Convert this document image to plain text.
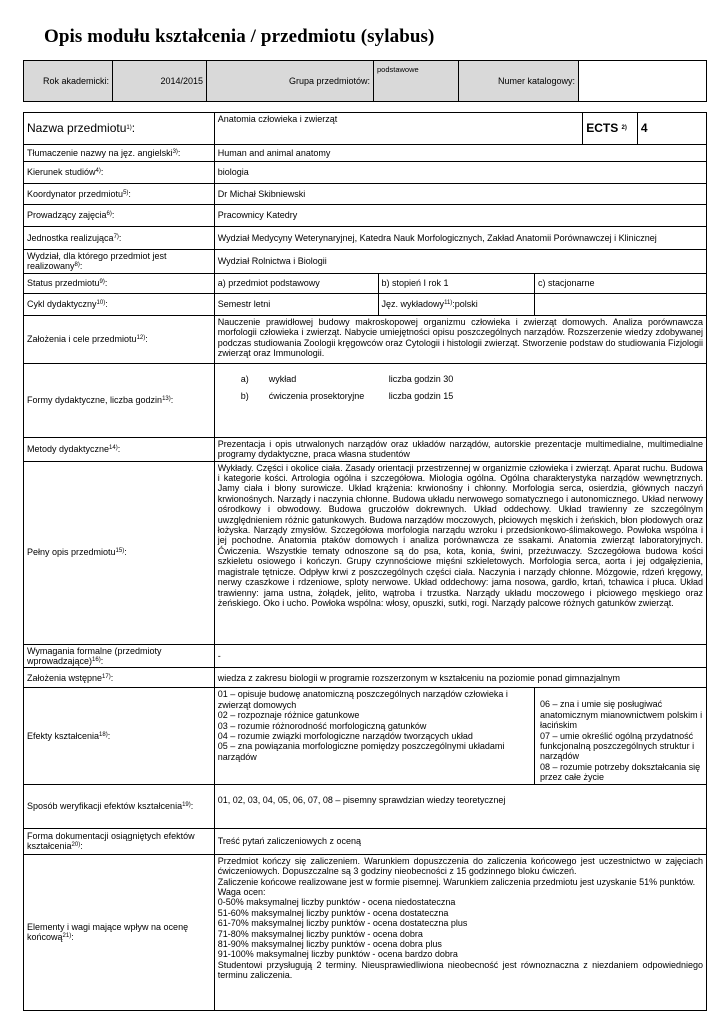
Opis modułu kształcenia / przedmiotu (sylabus)
Rok akademicki:	2014/2015	Grupa przedmiotów:	podstawowe	Numer katalogowy:	
Nazwa przedmiotu$^{1)}$:	Anatomia człowieka i zwierząt	ECTS $^{2)}$	4
Tłumaczenie nazwy na jęz. angielski$^{3)}$:	Human and animal anatomy
Kierunek studiów$^{4)}$:	biologia
Koordynator przedmiotu$^{5)}$:	Dr Michał Skibniewski
Prowadzący zajęcia$^{6)}$:	Pracownicy Katedry
Jednostka realizująca$^{7)}$:	Wydział Medycyny Weterynaryjnej, Katedra Nauk Morfologicznych, Zakład Anatomii Porównawczej i Klinicznej
Wydział, dla którego przedmiot jest realizowany$^{8)}$:	Wydział Rolnictwa i Biologii
Status przedmiotu$^{9)}$:	a) przedmiot podstawowy	b) stopień I rok 1	c) stacjonarne
Cykl dydaktyczny$^{10)}$:	Semestr letni	Jęz. wykładowy$^{11)}$:polski	
Założenia i cele przedmiotu$^{12)}$:	Nauczenie prawidłowej budowy makroskopowej organizmu człowieka i zwierząt domowych. Analiza porównawcza morfologii człowieka i zwierząt. Nabycie umiejętności opisu poszczególnych narządów. Rozszerzenie wiedzy zdobywanej podczas studiowania Zoologii kręgowców oraz Cytologii i histologii zwierząt. Stworzenie podstaw do studiowania Fizjologii zwierząt oraz Immunologii.
Formy dydaktyczne, liczba godzin$^{13)}$:	
a)	wykład	liczba godzin 30
b)	ćwiczenia prosektoryjne	liczba godzin 15

Metody dydaktyczne$^{14)}$:	Prezentacja i opis utrwalonych narządów oraz układów narządów, autorskie prezentacje multimedialne, multimedialne programy dydaktyczne, praca własna studentów
Pełny opis przedmiotu$^{15)}$:	Wykłady. Części i okolice ciała. Zasady orientacji przestrzennej w organizmie człowieka i zwierząt. Aparat ruchu. Budowa i kategorie kości. Artrologia ogólna i szczegółowa. Miologia ogólna. Ogólna charakterystyka narządów wewnętrznych. Jamy ciała i błony surowicze. Układ krążenia: krwionośny i chłonny. Morfologia serca, osierdzia, głównych naczyń krwionośnych. Narządy i naczynia chłonne. Budowa układu nerwowego somatycznego i autonomicznego. Układ nerwowy ośrodkowy i obwodowy. Budowa gruczołów dokrewnych. Układ oddechowy. Układ trawienny ze szczególnym uwzględnieniem różnic gatunkowych. Budowa narządów moczowych, płciowych męskich i żeńskich, błon płodowych oraz łożyska. Narządy zmysłów. Szczegółowa morfologia narządu wzroku i przedsionkowo-ślimakowego. Powłoka wspólna i jej pochodne. Anatomia ptaków domowych i analiza porównawcza ze ssakami. Anatomia zwierząt laboratoryjnych. Ćwiczenia. Wszystkie tematy odnoszone są do psa, kota, konia, świni, przeżuwaczy. Szczegółowa budowa kości szkieletu osiowego i kończyn. Grupy czynnościowe mięśni szkieletowych. Morfologia serca, aorta i jej odgałęzienia, magistrale tętnicze. Odpływ krwi z poszczególnych części ciała. Naczynia i narządy chłonne. Mózgowie, rdzeń kręgowy, nerwy czaszkowe i rdzeniowe, sploty nerwowe. Układ oddechowy: jama nosowa, gardło, krtań, tchawica i płuca. Układ trawienny: jama ustna, żołądek, jelito, wątroba i trzustka. Narządy układu moczowego i płciowego męskiego oraz żeńskiego. Oko i ucho. Powłoka wspólna: włosy, opuszki, sutki, rogi. Narządy palcowe różnych gatunków zwierząt.
Wymagania formalne (przedmioty wprowadzające)$^{16)}$:	-
Założenia wstępne$^{17)}$:	wiedza z zakresu biologii w programie rozszerzonym w kształceniu na poziomie ponad gimnazjalnym
Efekty kształcenia$^{18)}$:	
01 – opisuje budowę anatomiczną poszczególnych narządów człowieka i zwierząt domowych
02 – rozpoznaje różnice gatunkowe
03 – rozumie różnorodność morfologiczną gatunków
04 – rozumie związki morfologiczne narządów tworzących układ
05 – zna powiązania morfologiczne pomiędzy poszczególnymi układami narządów

06 – zna i umie się posługiwać anatomicznym mianownictwem polskim i łacińskim
07 – umie określić ogólną przydatność funkcjonalną poszczególnych struktur i narządów
08 – rozumie potrzeby dokształcania się przez całe życie

Sposób weryfikacji efektów kształcenia$^{19)}$:	01, 02, 03, 04, 05, 06, 07, 08 – pisemny sprawdzian wiedzy teoretycznej
Forma dokumentacji osiągniętych efektów kształcenia$^{20)}$:	Treść pytań zaliczeniowych z oceną
Elementy i wagi mające wpływ na ocenę końcową$^{21)}$:	
Przedmiot kończy się zaliczeniem. Warunkiem dopuszczenia do zaliczenia końcowego jest uczestnictwo w zajęciach ćwiczeniowych. Dopuszczalne są 3 godziny nieobecności z 15 godzinnego bloku ćwiczeń.
Zaliczenie końcowe realizowane jest w formie pisemnej. Warunkiem zaliczenia przedmiotu jest uzyskanie 51% punktów.
Waga ocen:
0-50% maksymalnej liczby punktów - ocena niedostateczna
51-60% maksymalnej liczby punktów - ocena dostateczna
61-70% maksymalnej liczby punktów - ocena dostateczna plus
71-80% maksymalnej liczby punktów - ocena dobra
81-90% maksymalnej liczby punktów - ocena dobra plus
91-100% maksymalnej liczby punktów - ocena bardzo dobra
Studentowi przysługują 2 terminy. Nieusprawiedliwiona nieobecność jest równoznaczna z niezdaniem odpowiedniego terminu zaliczenia.
